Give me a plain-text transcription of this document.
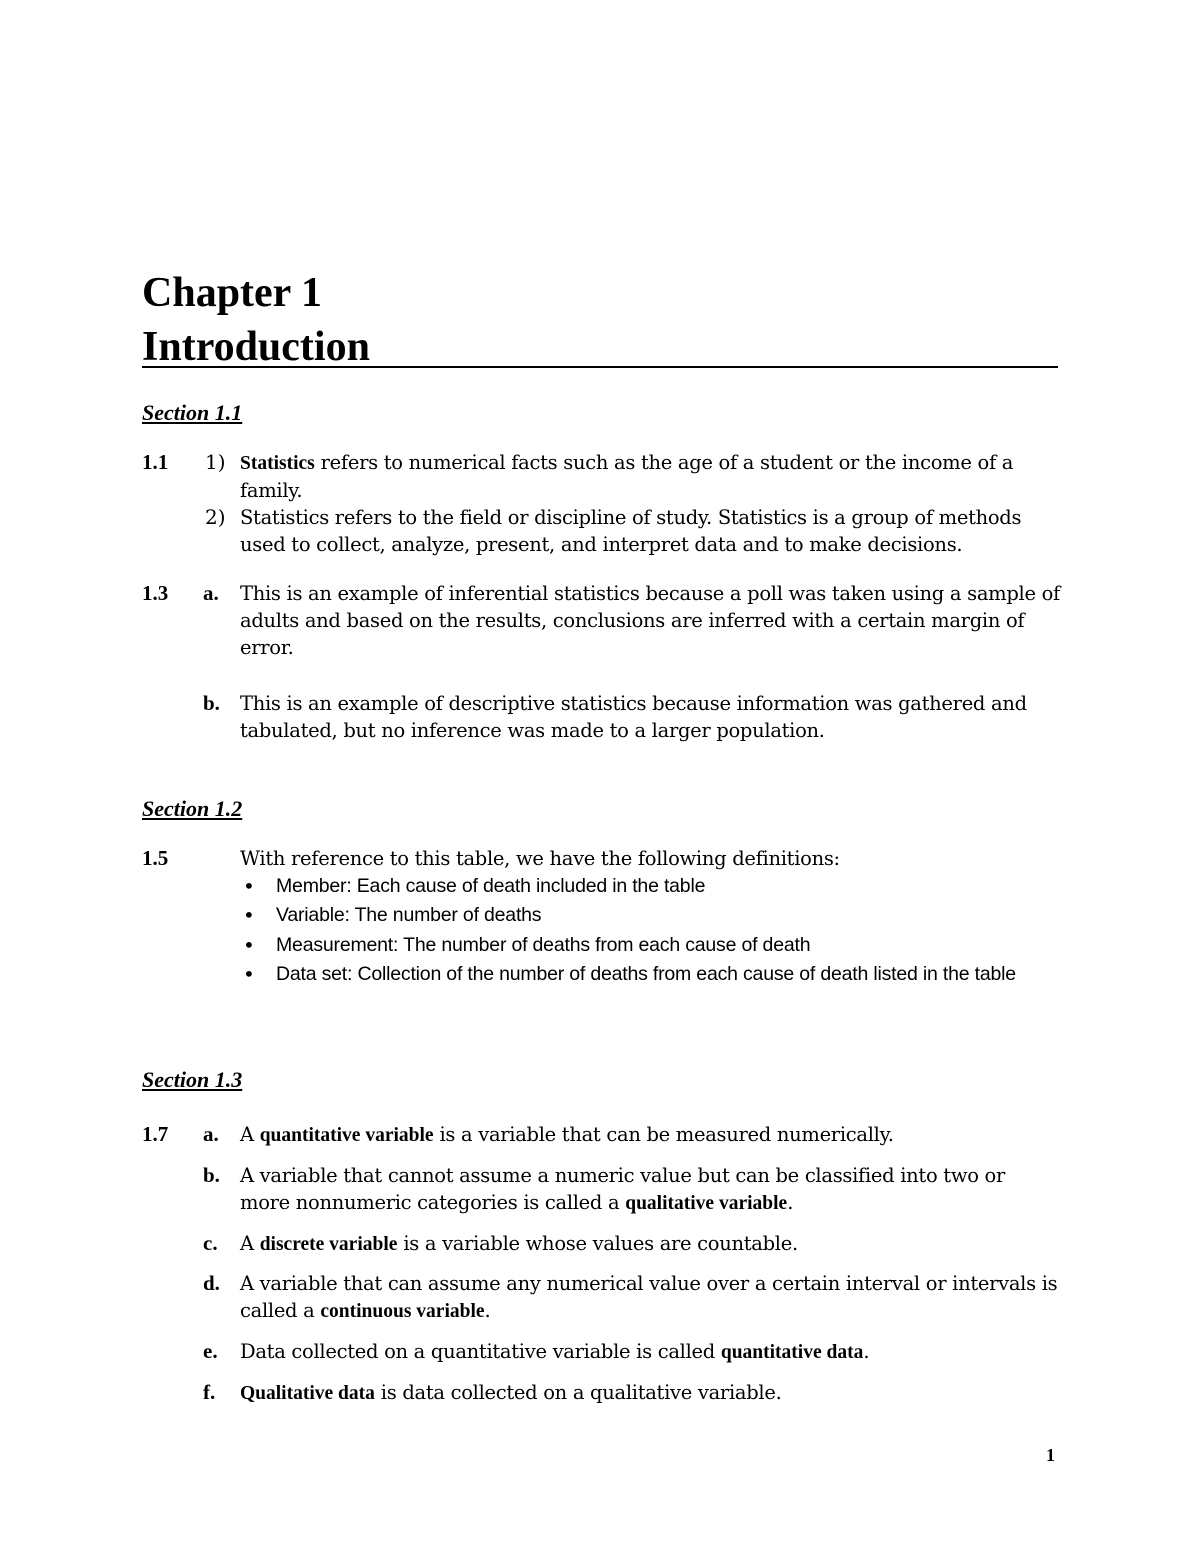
Chapter 1
Introduction
Section 1.1
1.1 1) Statistics refers to numerical facts such as the age of a student or the income of a family.
2) Statistics refers to the field or discipline of study. Statistics is a group of methods used to collect, analyze, present, and interpret data and to make decisions.
1.3 a. This is an example of inferential statistics because a poll was taken using a sample of adults and based on the results, conclusions are inferred with a certain margin of error.
b. This is an example of descriptive statistics because information was gathered and tabulated, but no inference was made to a larger population.
Section 1.2
1.5	With reference to this table, we have the following definitions:
• Member: Each cause of death included in the table
• Variable: The number of deaths
• Measurement: The number of deaths from each cause of death
• Data set: Collection of the number of deaths from each cause of death listed in the table
Section 1.3
1.7 a. A quantitative variable is a variable that can be measured numerically.
b. A variable that cannot assume a numeric value but can be classified into two or more nonnumeric categories is called a qualitative variable.
c. A discrete variable is a variable whose values are countable.
d. A variable that can assume any numerical value over a certain interval or intervals is called a continuous variable.
e. Data collected on a quantitative variable is called quantitative data.
f. Qualitative data is data collected on a qualitative variable.
1
